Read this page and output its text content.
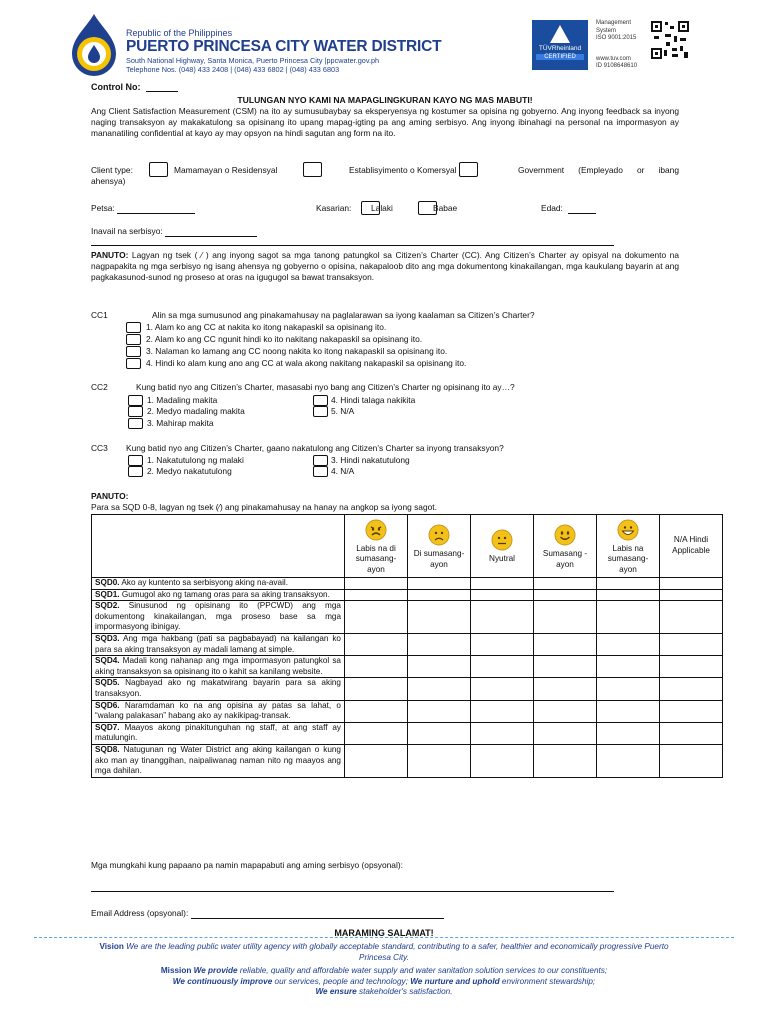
Republic of the Philippines
PUERTO PRINCESA CITY WATER DISTRICT
South National Highway, Santa Monica, Puerto Princesa City |ppcwater.gov.ph
Telephone Nos. (048) 433 2408 | (048) 433 6802 | (048) 433 6803
TÜVRheinland
CERTIFIED
Management
System
ISO 9001:2015
www.tuv.com
ID 9108648610
Control No:
TULUNGAN NYO KAMI NA MAPAGLINGKURAN KAYO NG MAS MABUTI!
Ang Client Satisfaction Measurement (CSM) na ito ay sumusubaybay sa eksperyensya ng kostumer sa opisina ng gobyerno. Ang inyong feedback sa inyong naging transaksyon ay makakatulong sa opisinang ito upang mapag-igting pa ang aming serbisyo. Ang inyong ibinahagi na personal na impormasyon ay mananatiling confidential at kayo ay may opsyon na hindi sagutan ang form na ito.
Client type:	Mamamayan o Residensyal	Establisyimento o Komersyal	Government (Empleyado or ibang ahensya)
Petsa:	Kasarian: Lalaki	Babae	Edad:
Inavail na serbisyo:
PANUTO: Lagyan ng tsek ( ⁄ ) ang inyong sagot sa mga tanong patungkol sa Citizen’s Charter (CC). Ang Citizen’s Charter ay opisyal na dokumento na nagpapakita ng mga serbisyo ng isang ahensya ng gobyerno o opisina, nakapaloob dito ang mga dokumentong kinakailangan, mga kaukulang bayarin at ang pagkakasunod-sunod ng proseso at oras na igugugol sa bawat transaksyon.
CC1	Alin sa mga sumusunod ang pinakamahusay na paglalarawan sa iyong kaalaman sa Citizen’s Charter?
1. Alam ko ang CC at nakita ko itong nakapaskil sa opisinang ito.
2. Alam ko ang CC ngunit hindi ko ito nakitang nakapaskil sa opisinang ito.
3. Nalaman ko lamang ang CC noong nakita ko itong nakapaskil sa opisinang ito.
4. Hindi ko alam kung ano ang CC at wala akong nakitang nakapaskil sa opisinang ito.
CC2	Kung batid nyo ang Citizen’s Charter, masasabi nyo bang ang Citizen’s Charter ng opisinang ito ay…?
1. Madaling makita
2. Medyo madaling makita
3. Mahirap makita
4. Hindi talaga nakikita
5. N/A
CC3 Kung batid nyo ang Citizen’s Charter, gaano nakatulong ang Citizen’s Charter sa inyong transaksyon?
1. Nakatutulong ng malaki
2. Medyo nakatutulong
3. Hindi nakatutulong
4. N/A
PANUTO:
Para sa SQD 0-8, lagyan ng tsek (⁄) ang pinakamahusay na hanay na angkop sa iyong sagot.

Labis na di sumasang-ayon	Di sumasang-ayon	Nyutral	Sumasang -ayon	Labis na sumasang-ayon	N/A Hindi Applicable
SQD0. Ako ay kuntento sa serbisyong aking na-avail.						
SQD1. Gumugol ako ng tamang oras para sa aking transaksyon.						
SQD2. Sinusunod ng opisinang ito (PPCWD) ang mga dokumentong kinakailangan, mga proseso base sa mga impormasyong ibinigay.						
SQD3. Ang mga hakbang (pati sa pagbabayad) na kailangan ko para sa aking transaksyon ay madali lamang at simple.						
SQD4. Madali kong nahanap ang mga impormasyon patungkol sa aking transaksyon sa opisinang ito o kahit sa kanilang website.						
SQD5. Nagbayad ako ng makatwirang bayarin para sa aking transaksyon.						
SQD6. Naramdaman ko na ang opisina ay patas sa lahat, o “walang palakasan” habang ako ay nakikipag-transak.						
SQD7. Maayos akong pinakitunguhan ng staff, at ang staff ay matulungin.						
SQD8. Natugunan ng Water District ang aking kailangan o kung ako man ay tinanggihan, naipaliwanag naman nito ng maayos ang mga dahilan.						
Mga mungkahi kung papaano pa namin mapapabuti ang aming serbisyo (opsyonal):
Email Address (opsyonal):
MARAMING SALAMAT!
Vision We are the leading public water utility agency with globally acceptable standard, contributing to a safer, healthier and economically progressive Puerto Princesa City.
Mission We provide reliable, quality and affordable water supply and water sanitation solution services to our constituents;
We continuously improve our services, people and technology; We nurture and uphold environment stewardship;
We ensure stakeholder's satisfaction.
